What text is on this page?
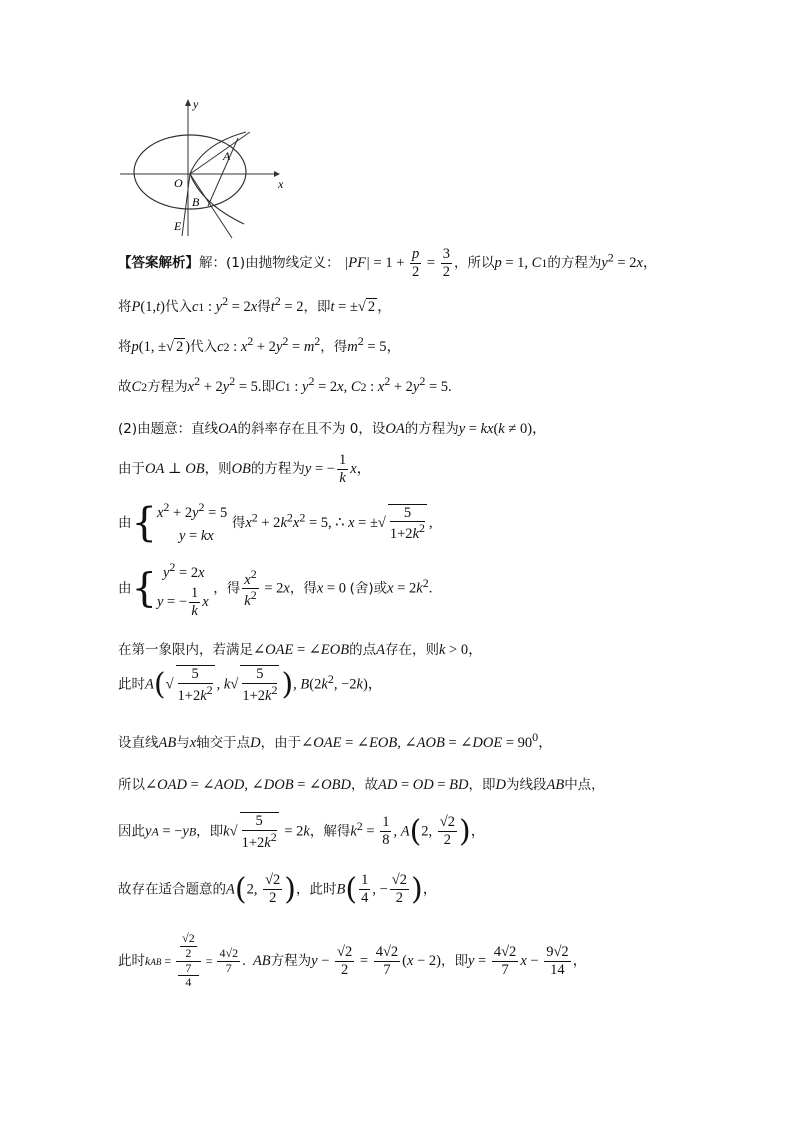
x
y
O
A
B
E
【答案解析】解：(1)由抛物线定义： $|PF| = 1 + \frac{p}{2} = \frac{3}{2}$ ，所以p = 1, C1的方程为$y^2 = 2x$，
将P(1,t)代入c1 : $y^2 = 2x$得$t^2 = 2$，即t = ±√ 2 ，
将p(1, ±√ 2 )代入c2 : $x^2 + 2y^2 = m^2$，得$m^2 = 5$，
故C2方程为$x^2 + 2y^2 = 5$.即C1 : $y^2 = 2x$, C2 : $x^2 + 2y^2 = 5$.
(2)由题意：直线OA的斜率存在且不为 0，设OA的方程为y = kx(k ≠ 0)，
由于OA ⊥ OB，则OB的方程为y = − $\frac{1}{k}$ x，
由{ $x^2 + 2y^2 = 5$
y = kx
得$x^2 + 2k^2x^2 = 5$, ∴ x = ±√ $\frac{5}{1+2k^2}$ ,
由{ $y^2 = 2x$
y = − $\frac{1}{k}$ x
，得 $\frac{x^2}{k^2} = 2x$，得x = 0 (舍)或$x = 2k^2$.
在第一象限内，若满足∠OAE = ∠EOB的点A存在，则k > 0，
此时$A(√ \frac{5}{1+2k^2}$ , $k√ \frac{5}{1+2k^2}$ ), $B(2k^2$, −2k)，
设直线AB与x轴交于点D，由于∠OAE = ∠EOB, ∠AOB = ∠DOE = $90^0$，
所以∠OAD = ∠AOD, ∠DOB = ∠OBD，故AD = OD = BD，即D为线段AB中点，
因此yA = −yB，即$k√ \frac{5}{1+2k^2} = 2k$，解得$k^2 = \frac{1}{8}$ , A(2, $\frac{√2}{2}$ )，
故存在适合题意的A(2, $\frac{√2}{2}$ )，此时$B( \frac{1}{4}$ , − $\frac{√2}{2}$ )，
此时kAB = $\frac{√2}{2}$
7
$4 = \frac{4√2}{7}$ .  AB方程为$y - \frac{√2}{2} = \frac{4√2}{7} (x - 2)$，即$y = \frac{4√2}{7}$ $x - \frac{9√2}{14}$ ，
